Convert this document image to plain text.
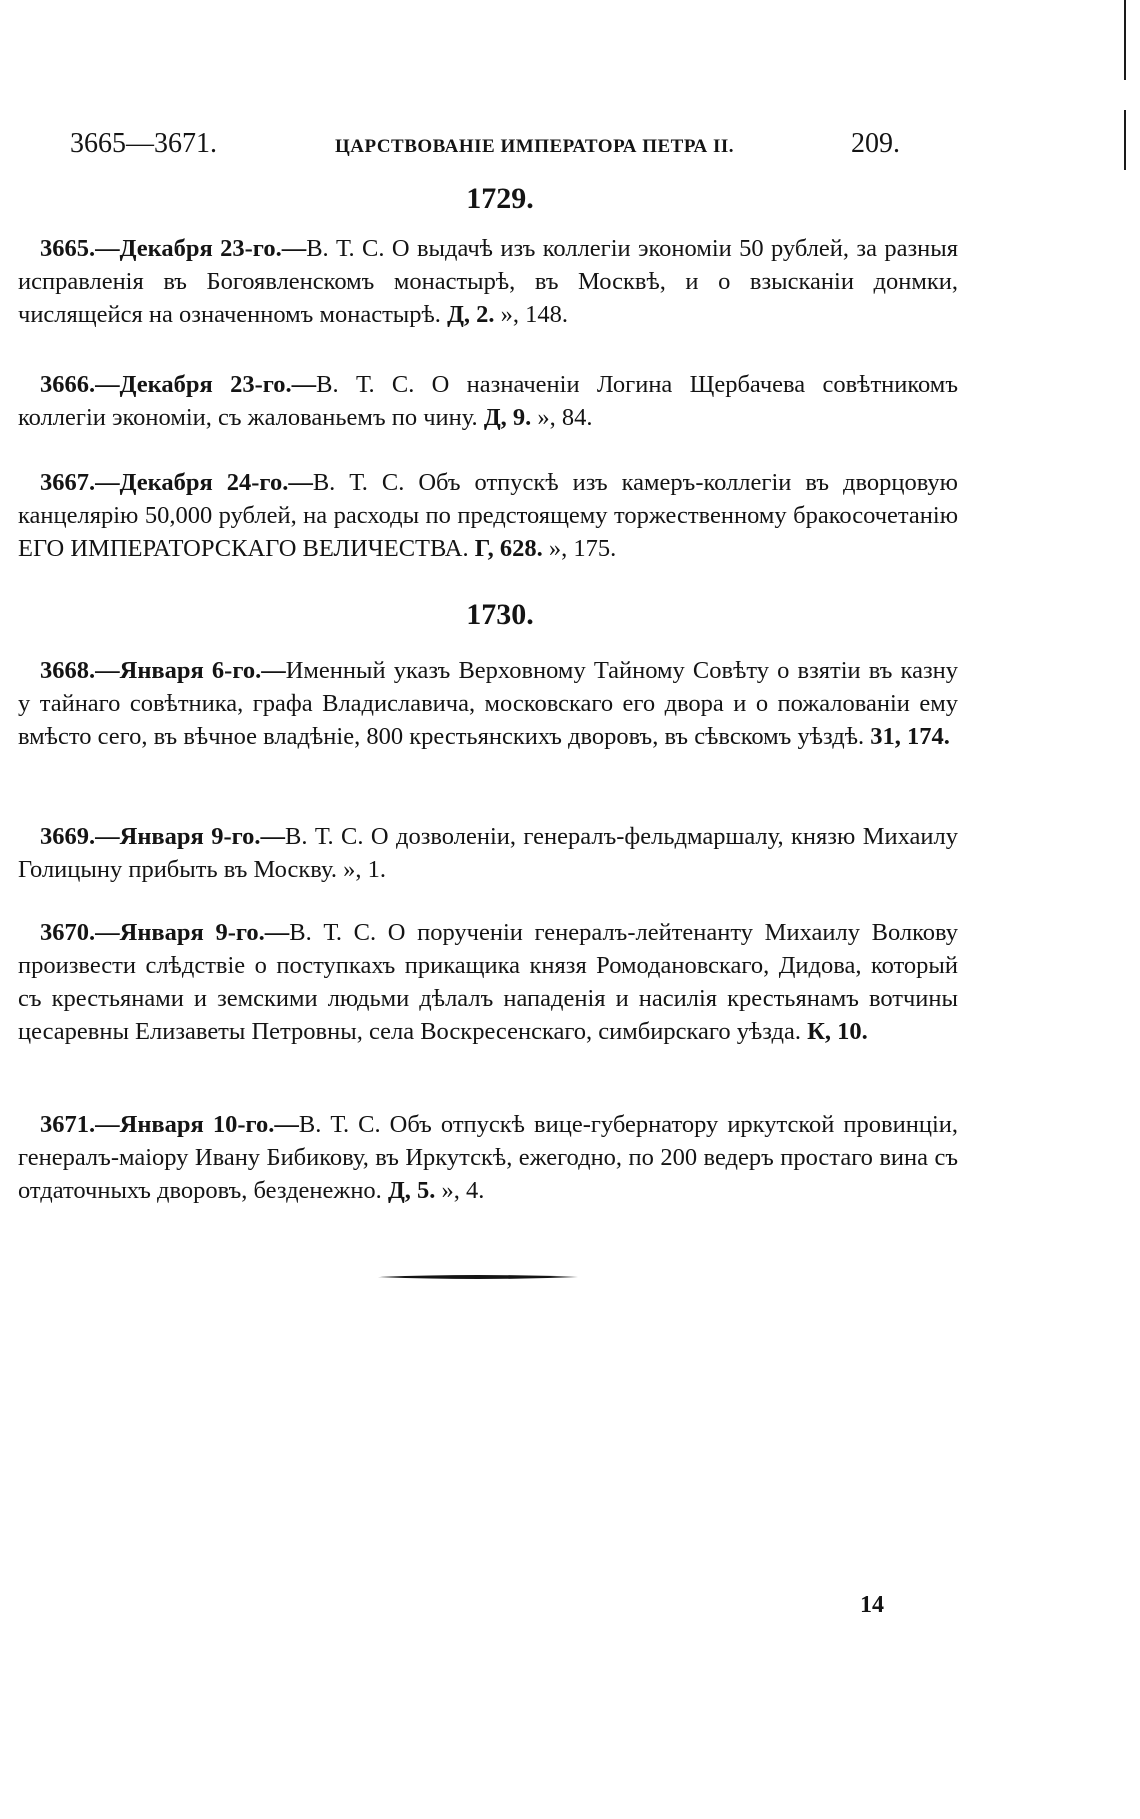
3665—3671.	ЦАРСТВОВАНІЕ ИМПЕРАТОРА ПЕТРА II.	209.
1729.

3665.—Декабря 23-го.—В. Т. С. О выдачѣ изъ коллегіи экономіи 50 рублей, за разныя исправленія въ Богоявленскомъ монастырѣ, въ Москвѣ, и о взысканіи донмки, числящейся на означенномъ монастырѣ. Д, 2. », 148.

3666.—Декабря 23-го.—В. Т. С. О назначеніи Логина Щербачева совѣтникомъ коллегіи экономіи, съ жалованьемъ по чину. Д, 9. », 84.

3667.—Декабря 24-го.—В. Т. С. Объ отпускѣ изъ камеръ-коллегіи въ дворцовую канцелярію 50,000 рублей, на расходы по предстоящему торжественному бракосочетанію ЕГО ИМПЕРАТОРСКАГО ВЕЛИЧЕСТВА. Г, 628. », 175.

1730.

3668.—Января 6-го.—Именный указъ Верховному Тайному Совѣту о взятіи въ казну у тайнаго совѣтника, графа Владиславича, московскаго его двора и о пожалованіи ему вмѣсто сего, въ вѣчное владѣніе, 800 крестьянскихъ дворовъ, въ сѣвскомъ уѣздѣ. 31, 174.

3669.—Января 9-го.—В. Т. С. О дозволеніи, генералъ-фельдмаршалу, князю Михаилу Голицыну прибыть въ Москву. », 1.

3670.—Января 9-го.—В. Т. С. О порученіи генералъ-лейтенанту Михаилу Волкову произвести слѣдствіе о поступкахъ прикащика князя Ромодановскаго, Дидова, который съ крестьянами и земскими людьми дѣлалъ нападенія и насилія крестьянамъ вотчины цесаревны Елизаветы Петровны, села Воскресенскаго, симбирскаго уѣзда. К, 10.

3671.—Января 10-го.—В. Т. С. Объ отпускѣ вице-губернатору иркутской провинціи, генералъ-маіору Ивану Бибикову, въ Иркутскѣ, ежегодно, по 200 ведеръ простаго вина съ отдаточныхъ дворовъ, безденежно. Д, 5. », 4.

14
